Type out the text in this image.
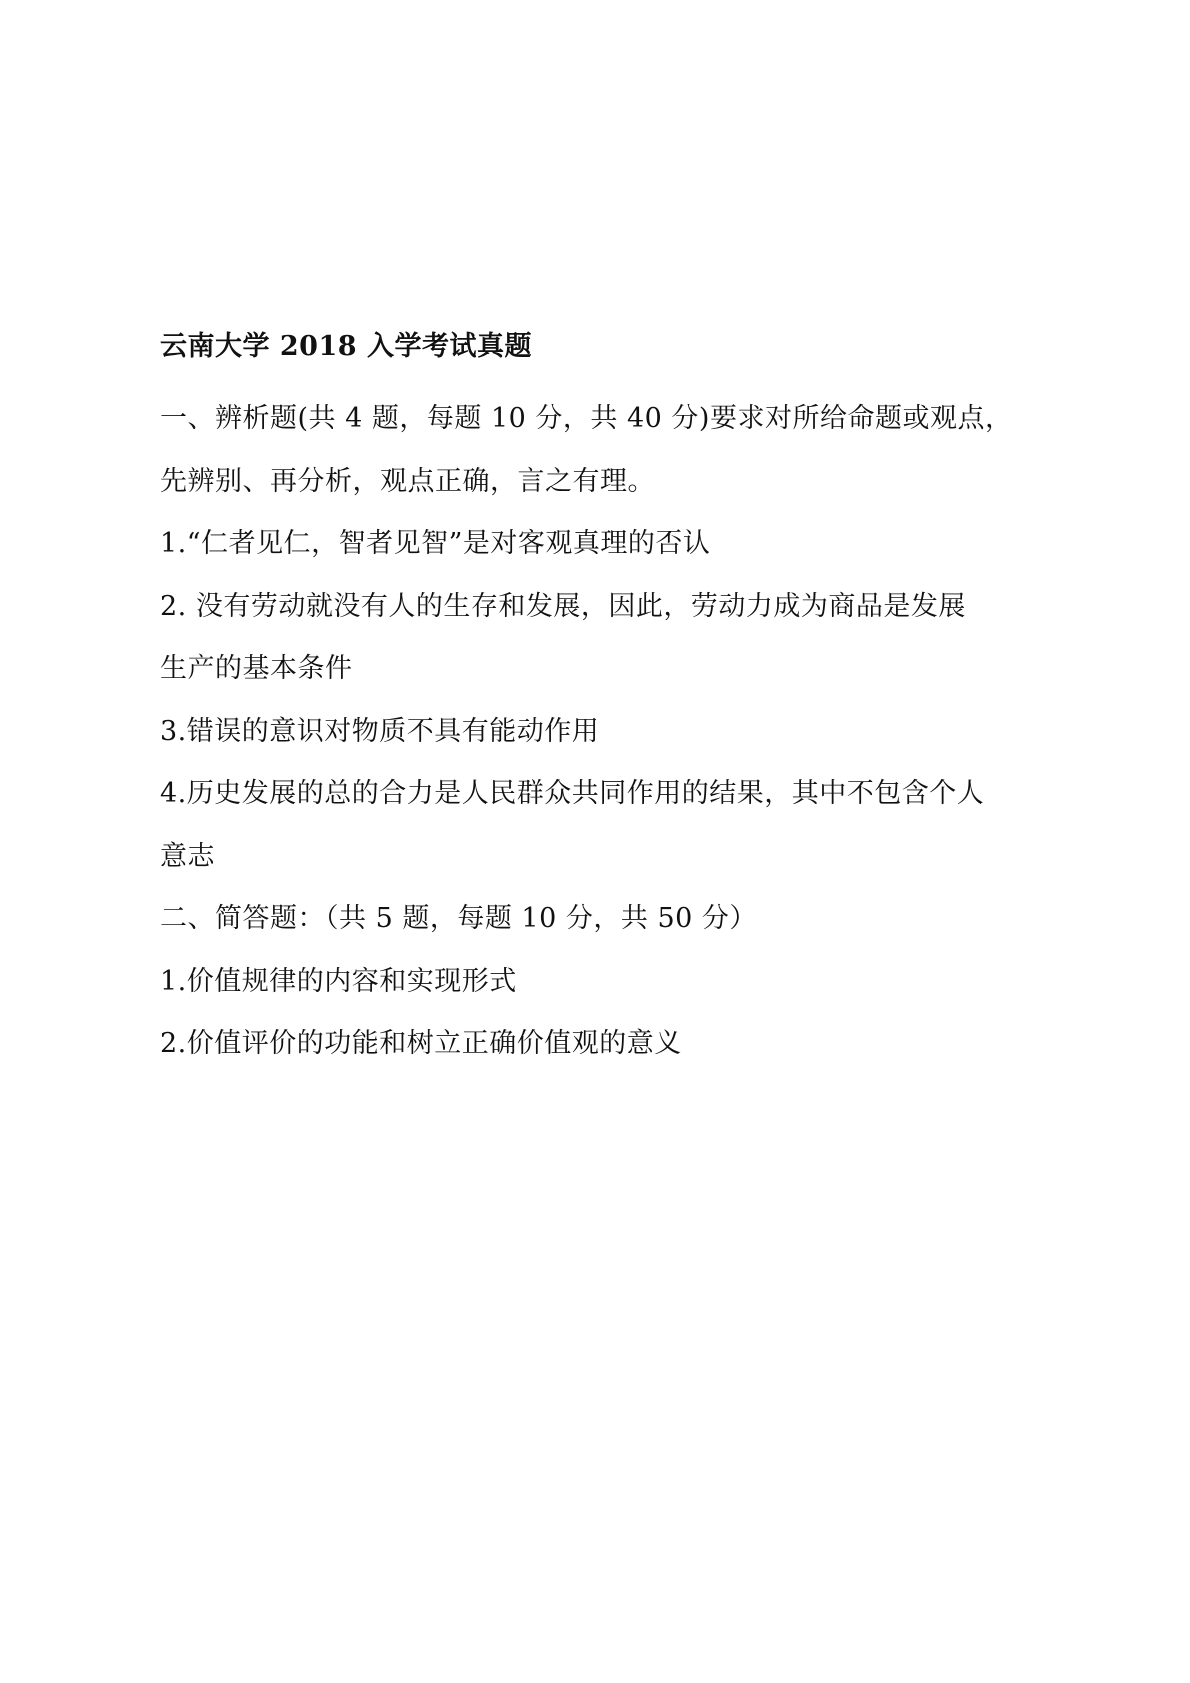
云南大学 2018 入学考试真题
一、辨析题(共 4 题，每题 10 分，共 40 分)要求对所给命题或观点，
先辨别、再分析，观点正确，言之有理。
1.“仁者见仁，智者见智”是对客观真理的否认
2. 没有劳动就没有人的生存和发展，因此，劳动力成为商品是发展
生产的基本条件
3.错误的意识对物质不具有能动作用
4.历史发展的总的合力是人民群众共同作用的结果，其中不包含个人
意志
二、简答题：（共 5 题，每题 10 分，共 50 分）
1.价值规律的内容和实现形式
2.价值评价的功能和树立正确价值观的意义
